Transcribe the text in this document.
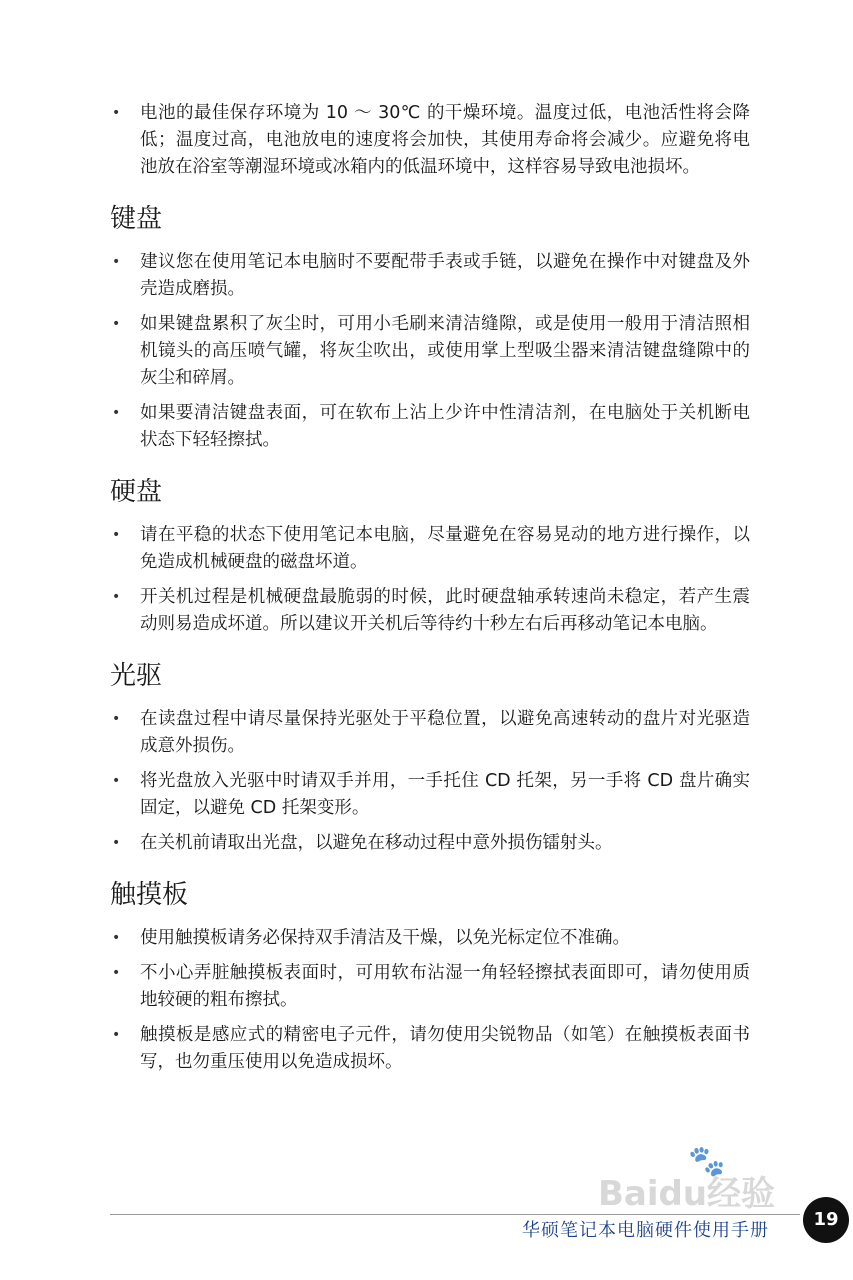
• 电池的最佳保存环境为 10 ～ 30℃ 的干燥环境。温度过低，电池活性将会降低；温度过高，电池放电的速度将会加快，其使用寿命将会减少。应避免将电池放在浴室等潮湿环境或冰箱内的低温环境中，这样容易导致电池损坏。
键盘
• 建议您在使用笔记本电脑时不要配带手表或手链，以避免在操作中对键盘及外壳造成磨损。
• 如果键盘累积了灰尘时，可用小毛刷来清洁缝隙，或是使用一般用于清洁照相机镜头的高压喷气罐，将灰尘吹出，或使用掌上型吸尘器来清洁键盘缝隙中的灰尘和碎屑。
• 如果要清洁键盘表面，可在软布上沾上少许中性清洁剂，在电脑处于关机断电状态下轻轻擦拭。
硬盘
• 请在平稳的状态下使用笔记本电脑，尽量避免在容易晃动的地方进行操作，以免造成机械硬盘的磁盘坏道。
• 开关机过程是机械硬盘最脆弱的时候，此时硬盘轴承转速尚未稳定，若产生震动则易造成坏道。所以建议开关机后等待约十秒左右后再移动笔记本电脑。
光驱
• 在读盘过程中请尽量保持光驱处于平稳位置，以避免高速转动的盘片对光驱造成意外损伤。
• 将光盘放入光驱中时请双手并用，一手托住 CD 托架，另一手将 CD 盘片确实固定，以避免 CD 托架变形。
• 在关机前请取出光盘，以避免在移动过程中意外损伤镭射头。
触摸板
• 使用触摸板请务必保持双手清洁及干燥，以免光标定位不准确。
• 不小心弄脏触摸板表面时，可用软布沾湿一角轻轻擦拭表面即可，请勿使用质地较硬的粗布擦拭。
• 触摸板是感应式的精密电子元件，请勿使用尖锐物品（如笔）在触摸板表面书写，也勿重压使用以免造成损坏。
🐾
Baidu经验
华硕笔记本电脑硬件使用手册
19
